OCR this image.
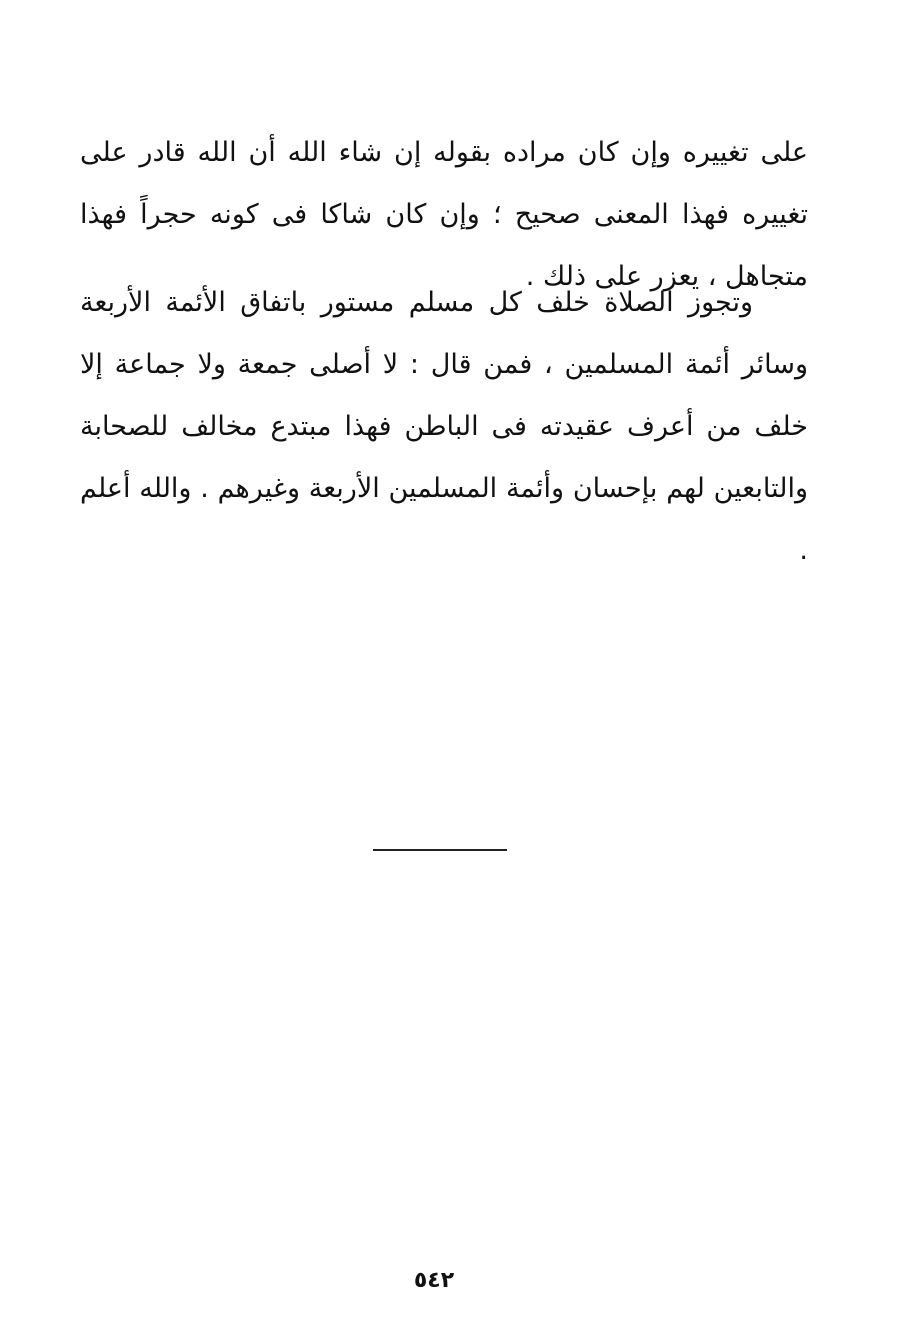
على تغييره وإن كان مراده بقوله إن شاء الله أن الله قادر على تغييره فهذا المعنى صحيح ؛ وإن كان شاكا فى كونه حجراً فهذا متجاهل ، يعزر على ذلك .

وتجوز الصلاة خلف كل مسلم مستور باتفاق الأئمة الأربعة وسائر أئمة المسلمين ، فمن قال : لا أصلى جمعة ولا جماعة إلا خلف من أعرف عقيدته فى الباطن فهذا مبتدع مخالف للصحابة والتابعين لهم بإحسان وأئمة المسلمين الأربعة وغيرهم . والله أعلم .

٥٤٢
